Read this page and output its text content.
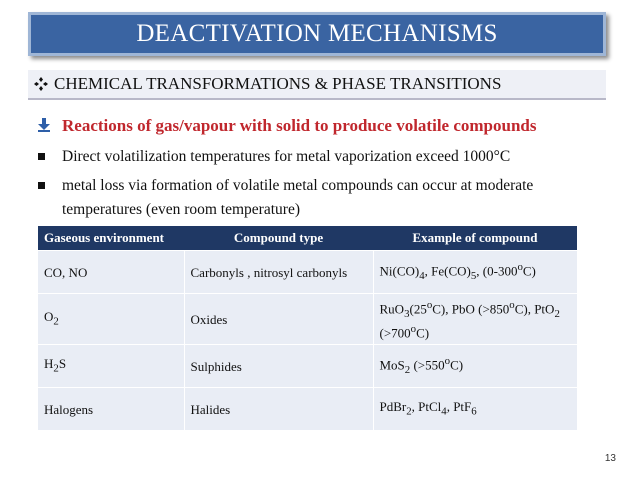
DEACTIVATION MECHANISMS
CHEMICAL TRANSFORMATIONS & PHASE TRANSITIONS
Reactions of gas/vapour with solid to produce volatile compounds
Direct volatilization temperatures for metal vaporization exceed 1000°C
metal loss via formation of volatile metal compounds can occur at moderate temperatures (even room temperature)
Gaseous environment	Compound type	Example of compound
CO, NO	Carbonyls , nitrosyl carbonyls	$Ni(CO)_4$, $Fe(CO)_5$, (0-300$^o$C)
$O_2$	Oxides	$RuO_3(25^oC)$, PbO $(>850^oC)$, PtO$_2$ $(>700^oC)$
$H_2S$	Sulphides	MoS$_2$ $(>550^oC)$
Halogens	Halides	PdBr$_2$, PtCl$_4$, PtF$_6$
13
